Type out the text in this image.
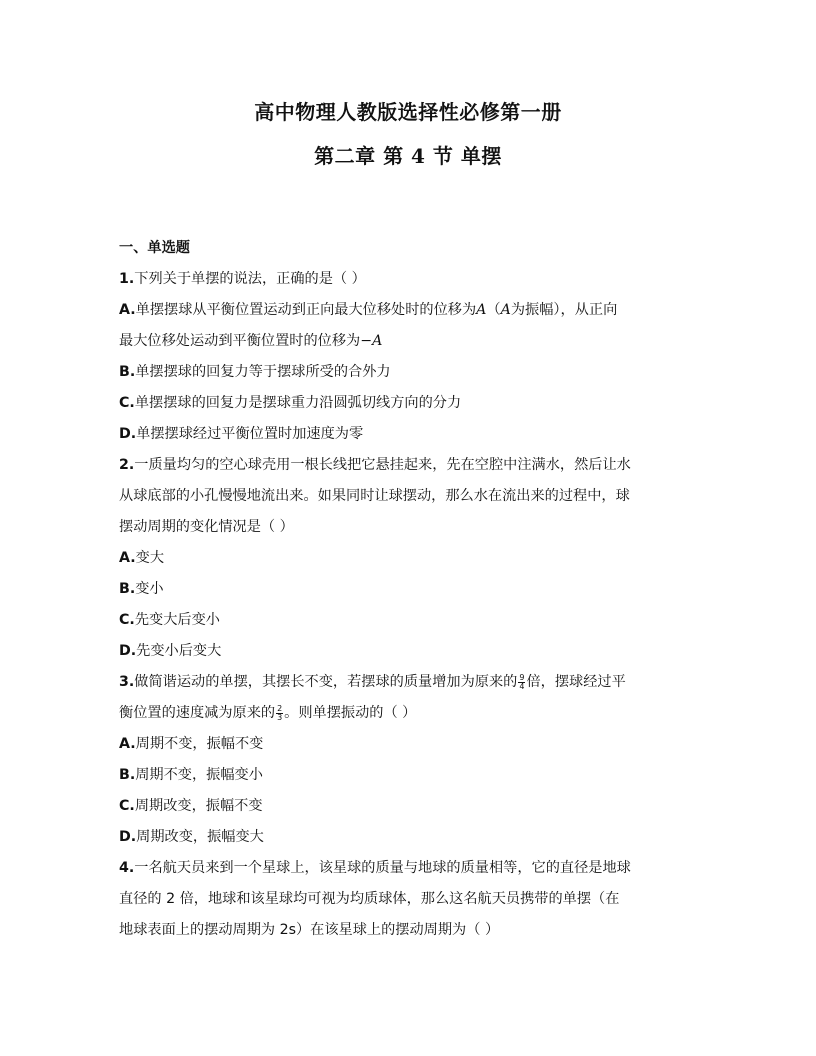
高中物理人教版选择性必修第一册
第二章 第 4 节 单摆

一、单选题

1.下列关于单摆的说法，正确的是（ ）

A.单摆摆球从平衡位置运动到正向最大位移处时的位移为A（A为振幅），从正向
最大位移处运动到平衡位置时的位移为−A

B.单摆摆球的回复力等于摆球所受的合外力

C.单摆摆球的回复力是摆球重力沿圆弧切线方向的分力

D.单摆摆球经过平衡位置时加速度为零

2.一质量均匀的空心球壳用一根长线把它悬挂起来，先在空腔中注满水，然后让水
从球底部的小孔慢慢地流出来。如果同时让球摆动，那么水在流出来的过程中，球
摆动周期的变化情况是（ ）

A.变大

B.变小

C.先变大后变小

D.先变小后变大

3.做简谐运动的单摆，其摆长不变，若摆球的质量增加为原来的 $\frac{9}{4}$ 倍，摆球经过平
衡位置的速度减为原来的 $\frac{2}{3}$ 。则单摆振动的（ ）

A.周期不变，振幅不变

B.周期不变，振幅变小

C.周期改变，振幅不变

D.周期改变，振幅变大

4.一名航天员来到一个星球上，该星球的质量与地球的质量相等，它的直径是地球
直径的 2 倍，地球和该星球均可视为均质球体，那么这名航天员携带的单摆（在
地球表面上的摆动周期为 2s）在该星球上的摆动周期为（ ）
